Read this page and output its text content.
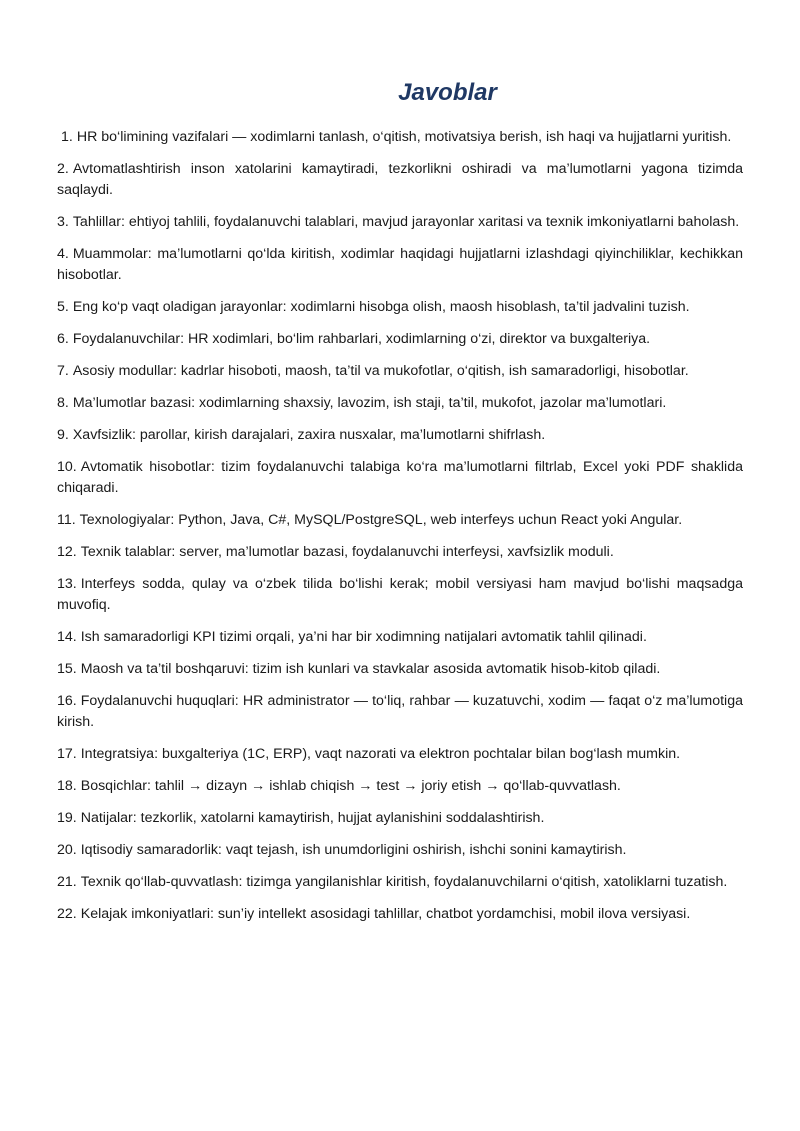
Javoblar
1. HR bo‘limining vazifalari — xodimlarni tanlash, o‘qitish, motivatsiya berish, ish haqi va hujjatlarni yuritish.
2. Avtomatlashtirish inson xatolarini kamaytiradi, tezkorlikni oshiradi va ma’lumotlarni yagona tizimda saqlaydi.
3. Tahlillar: ehtiyoj tahlili, foydalanuvchi talablari, mavjud jarayonlar xaritasi va texnik imkoniyatlarni baholash.
4. Muammolar: ma’lumotlarni qo‘lda kiritish, xodimlar haqidagi hujjatlarni izlashdagi qiyinchiliklar, kechikkan hisobotlar.
5. Eng ko‘p vaqt oladigan jarayonlar: xodimlarni hisobga olish, maosh hisoblash, ta’til jadvalini tuzish.
6. Foydalanuvchilar: HR xodimlari, bo‘lim rahbarlari, xodimlarning o‘zi, direktor va buxgalteriya.
7. Asosiy modullar: kadrlar hisoboti, maosh, ta’til va mukofotlar, o‘qitish, ish samaradorligi, hisobotlar.
8. Ma’lumotlar bazasi: xodimlarning shaxsiy, lavozim, ish staji, ta’til, mukofot, jazolar ma’lumotlari.
9. Xavfsizlik: parollar, kirish darajalari, zaxira nusxalar, ma’lumotlarni shifrlash.
10. Avtomatik hisobotlar: tizim foydalanuvchi talabiga ko‘ra ma’lumotlarni filtrlab, Excel yoki PDF shaklida chiqaradi.
11. Texnologiyalar: Python, Java, C#, MySQL/PostgreSQL, web interfeys uchun React yoki Angular.
12. Texnik talablar: server, ma’lumotlar bazasi, foydalanuvchi interfeysi, xavfsizlik moduli.
13. Interfeys sodda, qulay va o‘zbek tilida bo‘lishi kerak; mobil versiyasi ham mavjud bo‘lishi maqsadga muvofiq.
14. Ish samaradorligi KPI tizimi orqali, ya’ni har bir xodimning natijalari avtomatik tahlil qilinadi.
15. Maosh va ta’til boshqaruvi: tizim ish kunlari va stavkalar asosida avtomatik hisob-kitob qiladi.
16. Foydalanuvchi huquqlari: HR administrator — to‘liq, rahbar — kuzatuvchi, xodim — faqat o‘z ma’lumotiga kirish.
17. Integratsiya: buxgalteriya (1C, ERP), vaqt nazorati va elektron pochtalar bilan bog‘lash mumkin.
18. Bosqichlar: tahlil → dizayn → ishlab chiqish → test → joriy etish → qo‘llab-quvvatlash.
19. Natijalar: tezkorlik, xatolarni kamaytirish, hujjat aylanishini soddalashtirish.
20. Iqtisodiy samaradorlik: vaqt tejash, ish unumdorligini oshirish, ishchi sonini kamaytirish.
21. Texnik qo‘llab-quvvatlash: tizimga yangilanishlar kiritish, foydalanuvchilarni o‘qitish, xatoliklarni tuzatish.
22. Kelajak imkoniyatlari: sun’iy intellekt asosidagi tahlillar, chatbot yordamchisi, mobil ilova versiyasi.
